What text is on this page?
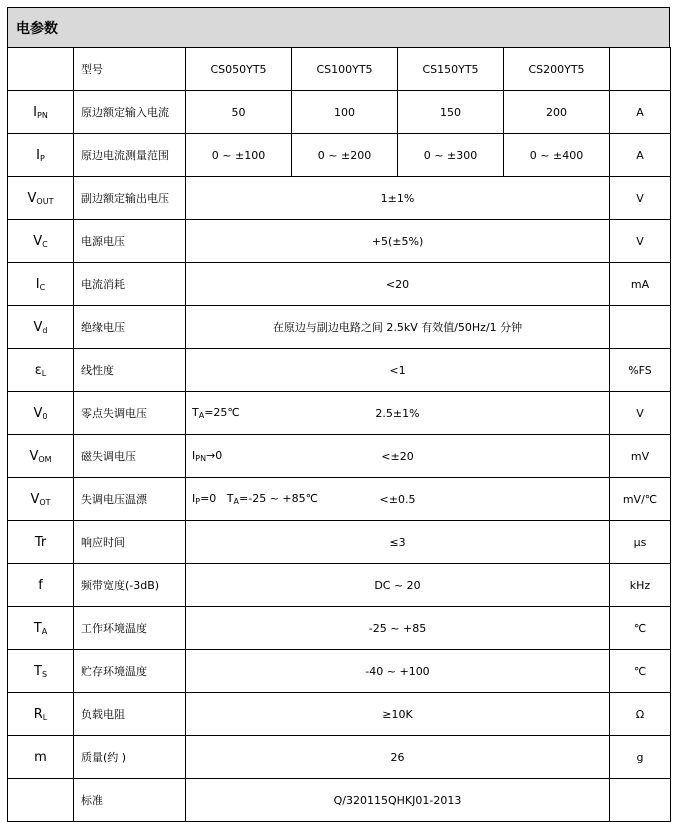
电参数
	型号	CS050YT5	CS100YT5	CS150YT5	CS200YT5	
$I_{PN}$	原边额定输入电流	50	100	150	200	A
$I_P$	原边电流测量范围	0 ~ ±100	0 ~ ±200	0 ~ ±300	0 ~ ±400	A
$V_{OUT}$	副边额定输出电压	1±1%				V
$V_C$	电源电压	+5(±5%)				V
$I_C$	电流消耗	<20				mA
$V_d$	绝缘电压	在原边与副边电路之间 2.5kV 有效值/50Hz/1 分钟				
$\varepsilon_L$	线性度	<1				%FS
$V_0$	零点失调电压	$T_A=25℃$ 2.5±1%				V
$V_{OM}$	磁失调电压	$I_{PN}\to 0 <\pm 20$				mV
$V_{OT}$	失调电压温漂	$I_P=0$ $T_A=-25$ ~ +85℃ <±0.5				mV/℃
Tr	响应时间	≤3				μs
f	频带宽度(-3dB)	DC ~ 20				kHz
$T_A$	工作环境温度	-25 ~ +85				℃
$T_S$	贮存环境温度	-40 ~ +100				℃
$R_L$	负载电阻	≥10K				Ω
m	质量(约 )	26				g
	标准	Q/320115QHKJ01-2013				
